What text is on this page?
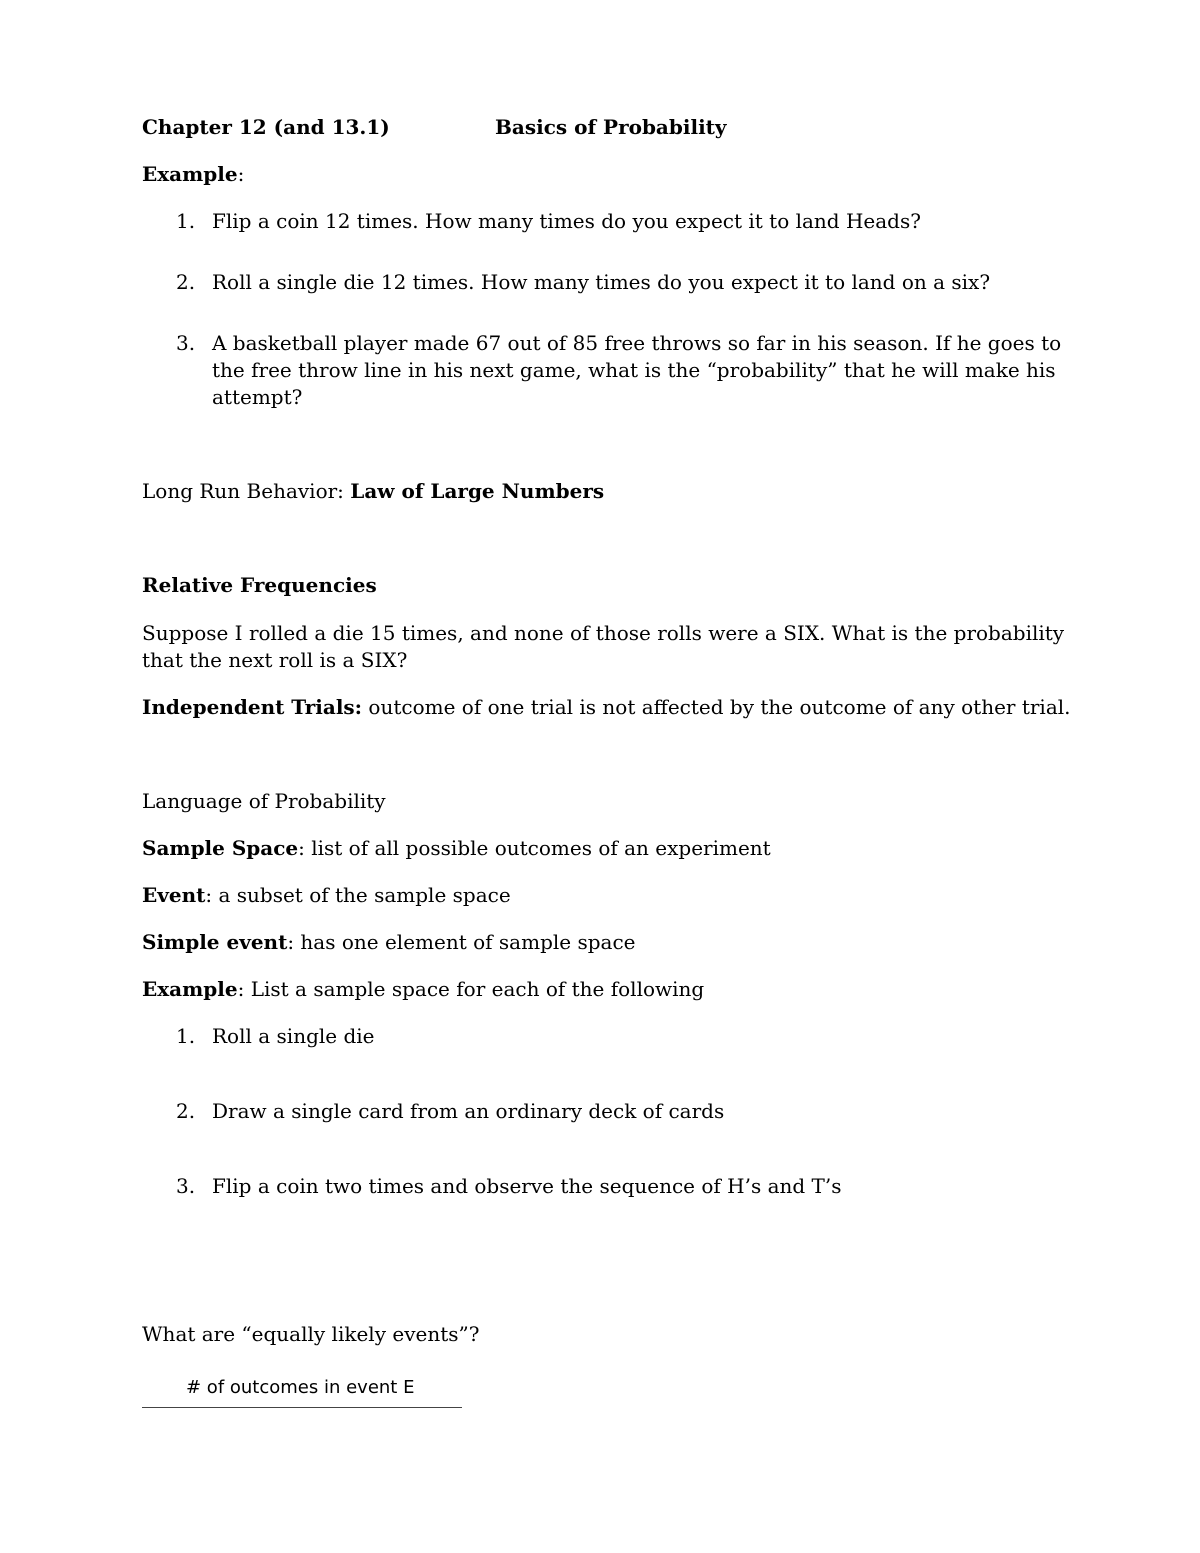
Chapter 12 (and 13.1)	Basics of Probability
Example:
1. Flip a coin 12 times. How many times do you expect it to land Heads?
2. Roll a single die 12 times. How many times do you expect it to land on a six?
3. A basketball player made 67 out of 85 free throws so far in his season. If he goes to
the free throw line in his next game, what is the “probability” that he will make his
attempt?
Long Run Behavior: Law of Large Numbers
Relative Frequencies
Suppose I rolled a die 15 times, and none of those rolls were a SIX. What is the probability
that the next roll is a SIX?
Independent Trials: outcome of one trial is not affected by the outcome of any other trial.
Language of Probability
Sample Space: list of all possible outcomes of an experiment
Event: a subset of the sample space
Simple event: has one element of sample space
Example: List a sample space for each of the following
1. Roll a single die
2. Draw a single card from an ordinary deck of cards
3. Flip a coin two times and observe the sequence of H’s and T’s
What are “equally likely events”?
# of outcomes in event E
